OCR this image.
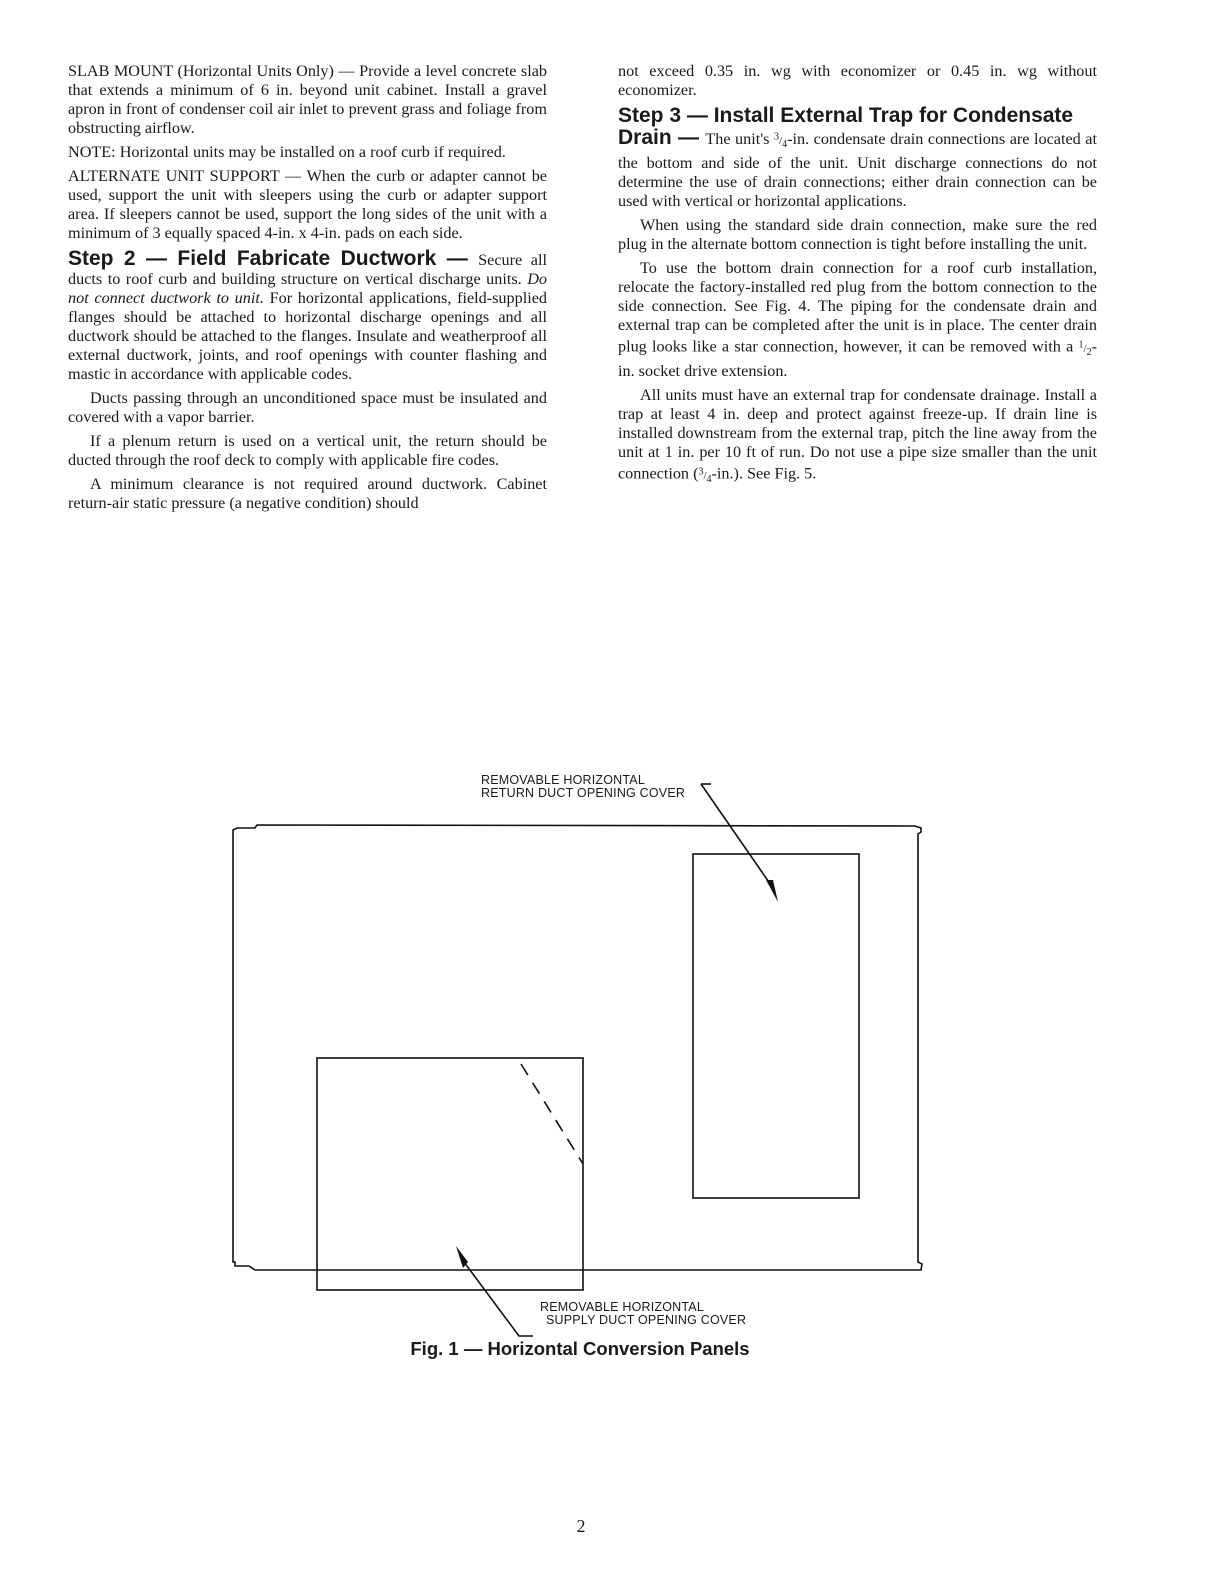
SLAB MOUNT (Horizontal Units Only) — Provide a level concrete slab that extends a minimum of 6 in. beyond unit cabinet. Install a gravel apron in front of condenser coil air inlet to prevent grass and foliage from obstructing airflow.

NOTE: Horizontal units may be installed on a roof curb if required.

ALTERNATE UNIT SUPPORT — When the curb or adapter cannot be used, support the unit with sleepers using the curb or adapter support area. If sleepers cannot be used, support the long sides of the unit with a minimum of 3 equally spaced 4-in. x 4-in. pads on each side.

Step 2 — Field Fabricate Ductwork — Secure all ducts to roof curb and building structure on vertical discharge units. Do not connect ductwork to unit. For horizontal applications, field-supplied flanges should be attached to horizontal discharge openings and all ductwork should be attached to the flanges. Insulate and weatherproof all external ductwork, joints, and roof openings with counter flashing and mastic in accordance with applicable codes.

Ducts passing through an unconditioned space must be insulated and covered with a vapor barrier.

If a plenum return is used on a vertical unit, the return should be ducted through the roof deck to comply with applicable fire codes.

A minimum clearance is not required around ductwork. Cabinet return-air static pressure (a negative condition) should

not exceed 0.35 in. wg with economizer or 0.45 in. wg without economizer.

Step 3 — Install External Trap for Condensate
Drain — The unit's $^3/_4-in$. condensate drain connections are located at the bottom and side of the unit. Unit discharge connections do not determine the use of drain connections; either drain connection can be used with vertical or horizontal applications.

When using the standard side drain connection, make sure the red plug in the alternate bottom connection is tight before installing the unit.

To use the bottom drain connection for a roof curb installation, relocate the factory-installed red plug from the bottom connection to the side connection. See Fig. 4. The piping for the condensate drain and external trap can be completed after the unit is in place. The center drain plug looks like a star connection, however, it can be removed with a $^1/_2-in$. socket drive extension.

All units must have an external trap for condensate drainage. Install a trap at least 4 in. deep and protect against freeze-up. If drain line is installed downstream from the external trap, pitch the line away from the unit at 1 in. per 10 ft of run. Do not use a pipe size smaller than the unit connection $(^3/_4-in.)$. See Fig. 5.

REMOVABLE HORIZONTAL
RETURN DUCT OPENING COVER
REMOVABLE HORIZONTAL
SUPPLY DUCT OPENING COVER
Fig. 1 — Horizontal Conversion Panels
2
